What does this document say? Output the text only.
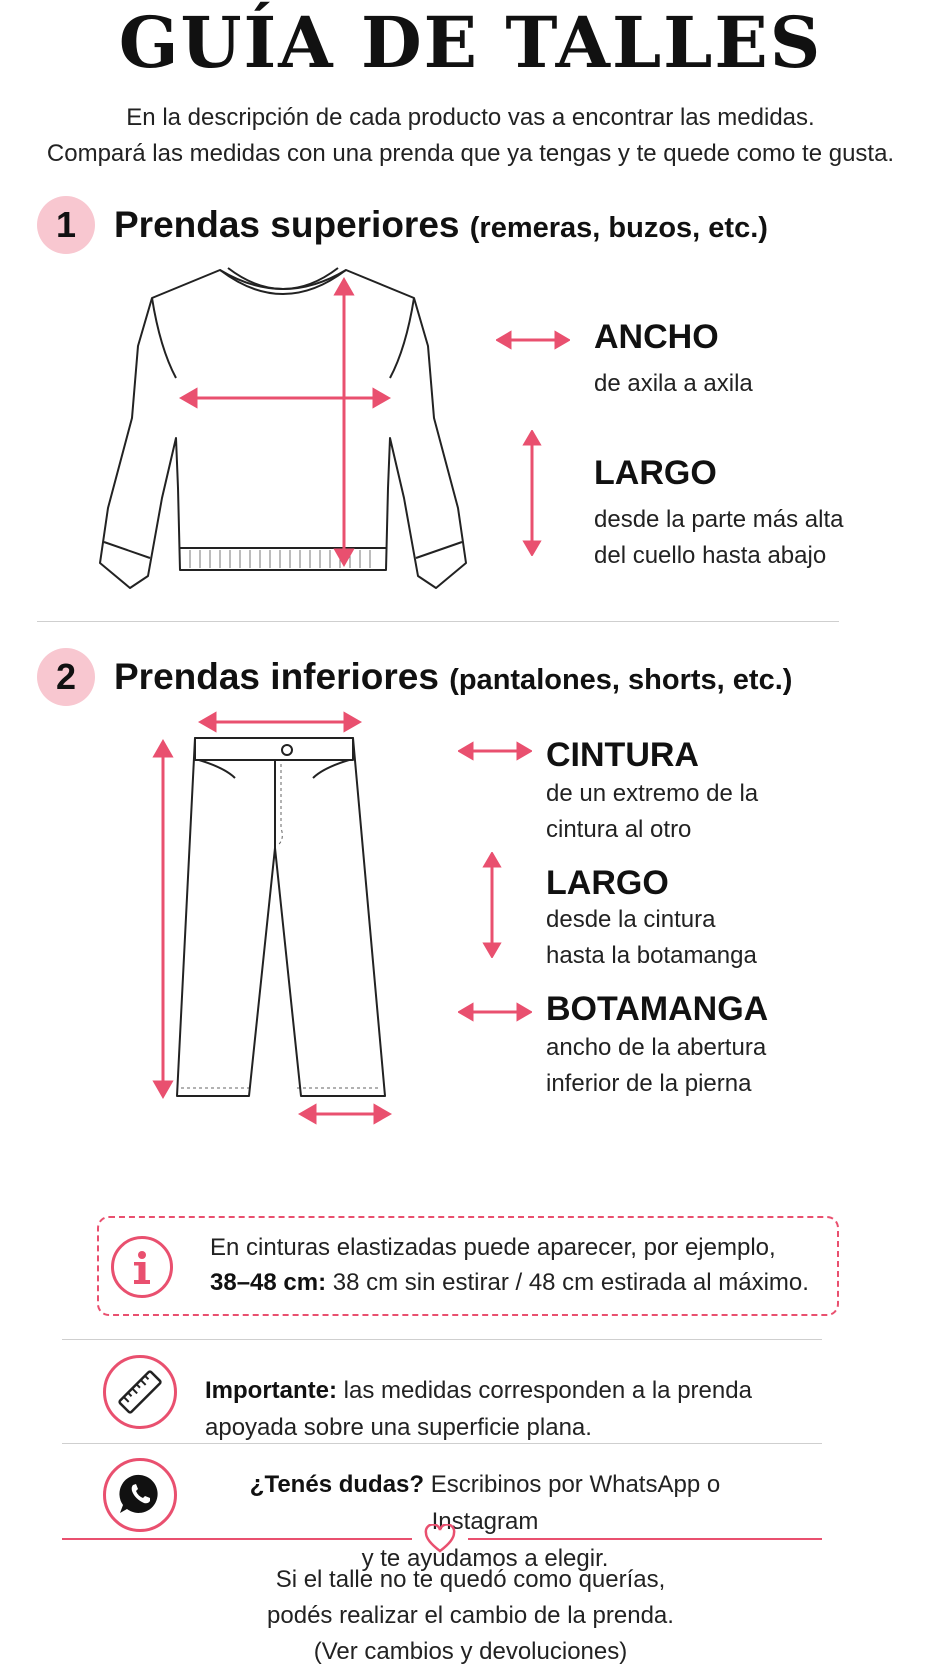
GUÍA DE TALLES
En la descripción de cada producto vas a encontrar las medidas.
Compará las medidas con una prenda que ya tengas y te quede como te gusta.
1	Prendas superiores (remeras, buzos, etc.)
ANCHO
de axila a axila
LARGO
desde la parte más alta
del cuello hasta abajo
2	Prendas inferiores (pantalones, shorts, etc.)
CINTURA
de un extremo de la
cintura al otro
LARGO
desde la cintura
hasta la botamanga
BOTAMANGA
ancho de la abertura
inferior de la pierna
En cinturas elastizadas puede aparecer, por ejemplo,
38–48 cm: 38 cm sin estirar / 48 cm estirada al máximo.
Importante: las medidas corresponden a la prenda
apoyada sobre una superficie plana.
¿Tenés dudas? Escribinos por WhatsApp o Instagram
y te ayudamos a elegir.
Si el talle no te quedó como querías,
podés realizar el cambio de la prenda.
(Ver cambios y devoluciones)
